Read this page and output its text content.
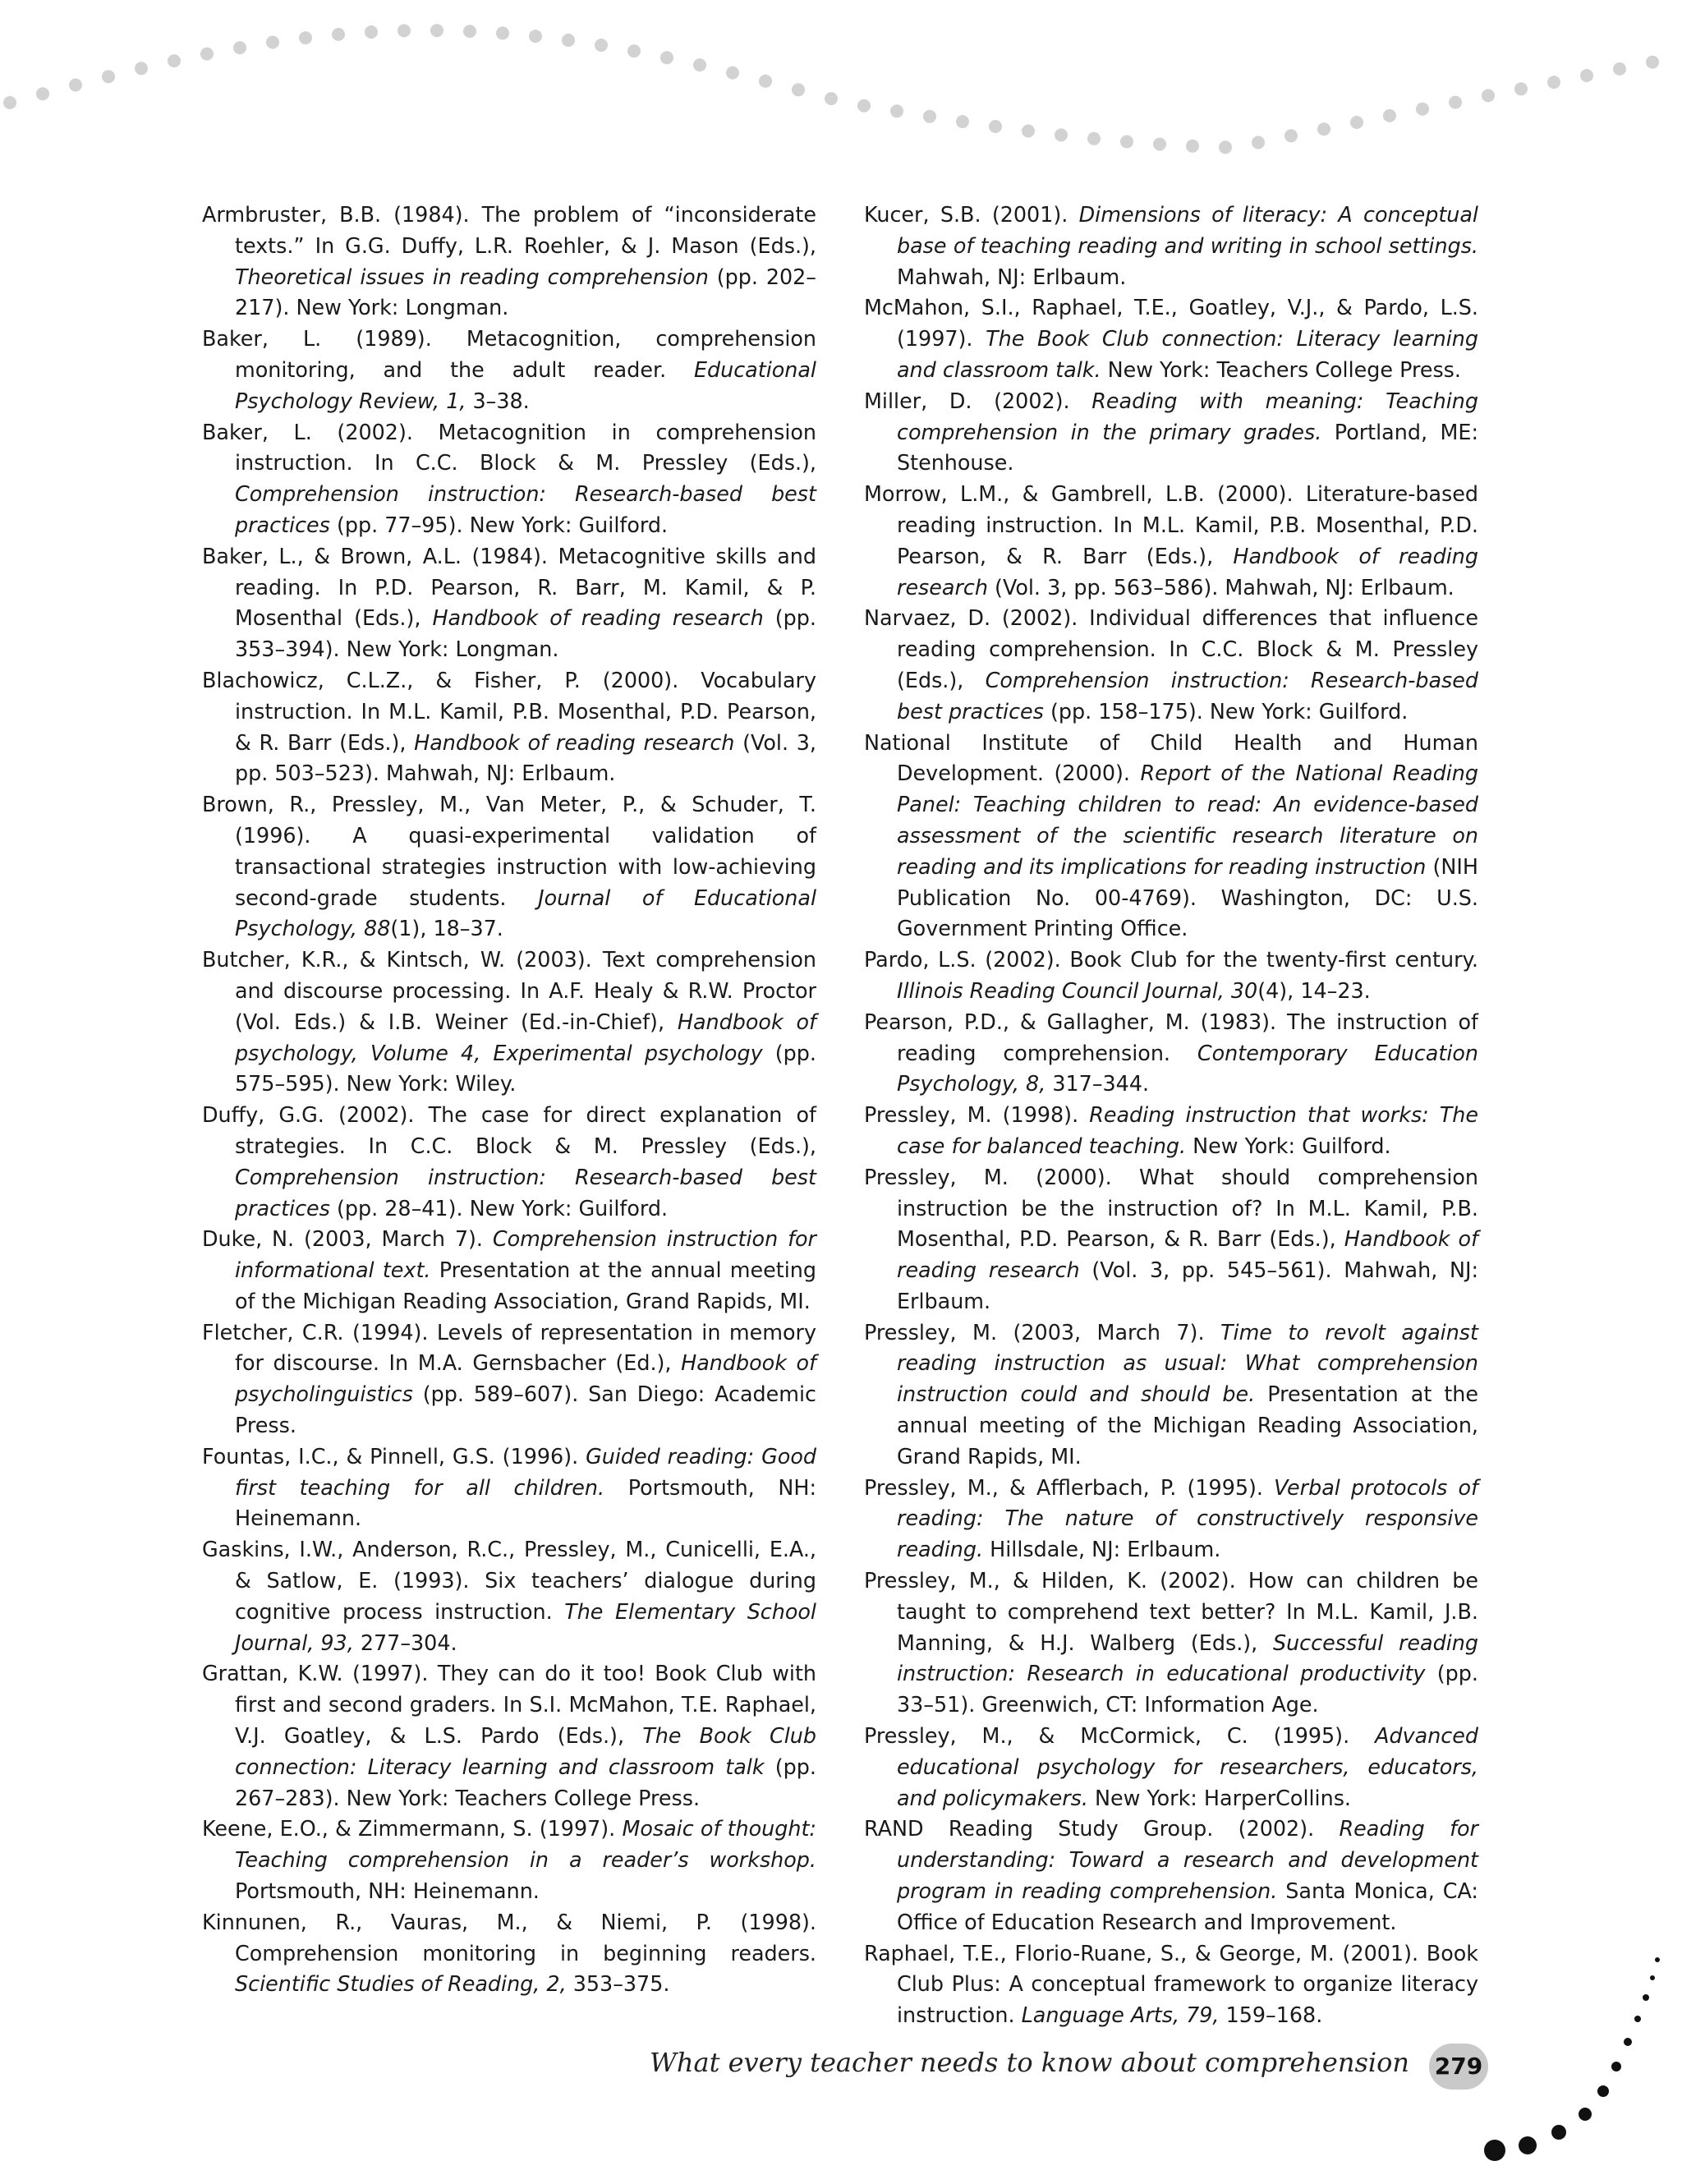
Armbruster, B.B. (1984). The problem of “inconsiderate texts.” In G.G. Duffy, L.R. Roehler, & J. Mason (Eds.), Theoretical issues in reading comprehension (pp. 202–217). New York: Longman.

Baker, L. (1989). Metacognition, comprehension monitoring, and the adult reader. Educational Psychology Review, 1, 3–38.

Baker, L. (2002). Metacognition in comprehension instruction. In C.C. Block & M. Pressley (Eds.), Comprehension instruction: Research-based best practices (pp. 77–95). New York: Guilford.

Baker, L., & Brown, A.L. (1984). Metacognitive skills and reading. In P.D. Pearson, R. Barr, M. Kamil, & P. Mosenthal (Eds.), Handbook of reading research (pp. 353–394). New York: Longman.

Blachowicz, C.L.Z., & Fisher, P. (2000). Vocabulary instruction. In M.L. Kamil, P.B. Mosenthal, P.D. Pearson, & R. Barr (Eds.), Handbook of reading research (Vol. 3, pp. 503–523). Mahwah, NJ: Erlbaum.

Brown, R., Pressley, M., Van Meter, P., & Schuder, T. (1996). A quasi-experimental validation of transactional strategies instruction with low-achieving second-grade students. Journal of Educational Psychology, 88(1), 18–37.

Butcher, K.R., & Kintsch, W. (2003). Text comprehension and discourse processing. In A.F. Healy & R.W. Proctor (Vol. Eds.) & I.B. Weiner (Ed.-in-Chief), Handbook of psychology, Volume 4, Experimental psychology (pp. 575–595). New York: Wiley.

Duffy, G.G. (2002). The case for direct explanation of strategies. In C.C. Block & M. Pressley (Eds.), Comprehension instruction: Research-based best practices (pp. 28–41). New York: Guilford.

Duke, N. (2003, March 7). Comprehension instruction for informational text. Presentation at the annual meeting of the Michigan Reading Association, Grand Rapids, MI.

Fletcher, C.R. (1994). Levels of representation in memory for discourse. In M.A. Gernsbacher (Ed.), Handbook of psycholinguistics (pp. 589–607). San Diego: Academic Press.

Fountas, I.C., & Pinnell, G.S. (1996). Guided reading: Good first teaching for all children. Portsmouth, NH: Heinemann.

Gaskins, I.W., Anderson, R.C., Pressley, M., Cunicelli, E.A., & Satlow, E. (1993). Six teachers’ dialogue during cognitive process instruction. The Elementary School Journal, 93, 277–304.

Grattan, K.W. (1997). They can do it too! Book Club with first and second graders. In S.I. McMahon, T.E. Raphael, V.J. Goatley, & L.S. Pardo (Eds.), The Book Club connection: Literacy learning and classroom talk (pp. 267–283). New York: Teachers College Press.

Keene, E.O., & Zimmermann, S. (1997). Mosaic of thought: Teaching comprehension in a reader’s workshop. Portsmouth, NH: Heinemann.

Kinnunen, R., Vauras, M., & Niemi, P. (1998). Comprehension monitoring in beginning readers. Scientific Studies of Reading, 2, 353–375.

Kucer, S.B. (2001). Dimensions of literacy: A conceptual base of teaching reading and writing in school settings. Mahwah, NJ: Erlbaum.

McMahon, S.I., Raphael, T.E., Goatley, V.J., & Pardo, L.S. (1997). The Book Club connection: Literacy learning and classroom talk. New York: Teachers College Press.

Miller, D. (2002). Reading with meaning: Teaching comprehension in the primary grades. Portland, ME: Stenhouse.

Morrow, L.M., & Gambrell, L.B. (2000). Literature-based reading instruction. In M.L. Kamil, P.B. Mosenthal, P.D. Pearson, & R. Barr (Eds.), Handbook of reading research (Vol. 3, pp. 563–586). Mahwah, NJ: Erlbaum.

Narvaez, D. (2002). Individual differences that influence reading comprehension. In C.C. Block & M. Pressley (Eds.), Comprehension instruction: Research-based best practices (pp. 158–175). New York: Guilford.

National Institute of Child Health and Human Development. (2000). Report of the National Reading Panel: Teaching children to read: An evidence-based assessment of the scientific research literature on reading and its implications for reading instruction (NIH Publication No. 00-4769). Washington, DC: U.S. Government Printing Office.

Pardo, L.S. (2002). Book Club for the twenty-first century. Illinois Reading Council Journal, 30(4), 14–23.

Pearson, P.D., & Gallagher, M. (1983). The instruction of reading comprehension. Contemporary Education Psychology, 8, 317–344.

Pressley, M. (1998). Reading instruction that works: The case for balanced teaching. New York: Guilford.

Pressley, M. (2000). What should comprehension instruction be the instruction of? In M.L. Kamil, P.B. Mosenthal, P.D. Pearson, & R. Barr (Eds.), Handbook of reading research (Vol. 3, pp. 545–561). Mahwah, NJ: Erlbaum.

Pressley, M. (2003, March 7). Time to revolt against reading instruction as usual: What comprehension instruction could and should be. Presentation at the annual meeting of the Michigan Reading Association, Grand Rapids, MI.

Pressley, M., & Afflerbach, P. (1995). Verbal protocols of reading: The nature of constructively responsive reading. Hillsdale, NJ: Erlbaum.

Pressley, M., & Hilden, K. (2002). How can children be taught to comprehend text better? In M.L. Kamil, J.B. Manning, & H.J. Walberg (Eds.), Successful reading instruction: Research in educational productivity (pp. 33–51). Greenwich, CT: Information Age.

Pressley, M., & McCormick, C. (1995). Advanced educational psychology for researchers, educators, and policymakers. New York: HarperCollins.

RAND Reading Study Group. (2002). Reading for understanding: Toward a research and development program in reading comprehension. Santa Monica, CA: Office of Education Research and Improvement.

Raphael, T.E., Florio-Ruane, S., & George, M. (2001). Book Club Plus: A conceptual framework to organize literacy instruction. Language Arts, 79, 159–168.

What every teacher needs to know about comprehension 279
